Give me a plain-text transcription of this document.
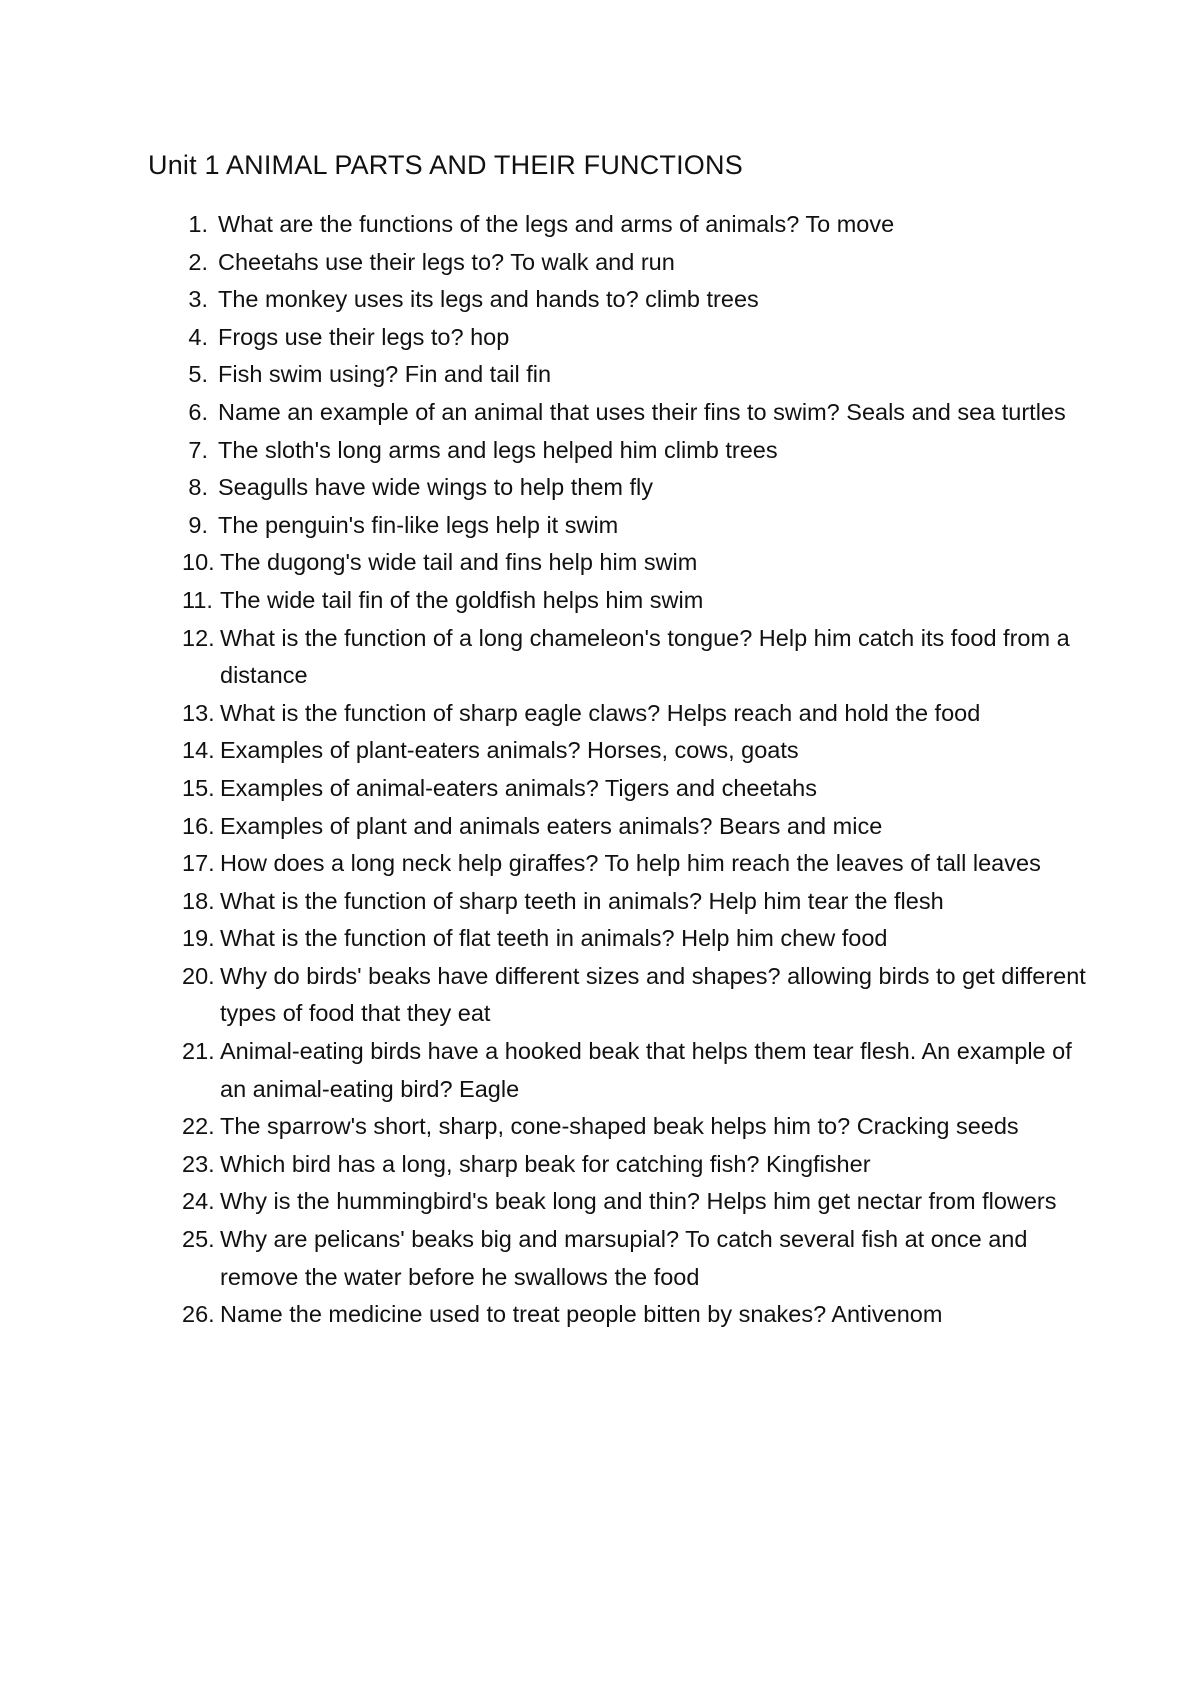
Unit 1 ANIMAL PARTS AND THEIR FUNCTIONS
1. What are the functions of the legs and arms of animals? To move
2. Cheetahs use their legs to? To walk and run
3. The monkey uses its legs and hands to? climb trees
4. Frogs use their legs to? hop
5. Fish swim using? Fin and tail fin
6. Name an example of an animal that uses their fins to swim? Seals and sea turtles
7. The sloth's long arms and legs helped him climb trees
8. Seagulls have wide wings to help them fly
9. The penguin's fin-like legs help it swim
10. The dugong's wide tail and fins help him swim
11. The wide tail fin of the goldfish helps him swim
12. What is the function of a long chameleon's tongue? Help him catch its food from a distance
13. What is the function of sharp eagle claws? Helps reach and hold the food
14. Examples of plant-eaters animals? Horses, cows, goats
15. Examples of animal-eaters animals? Tigers and cheetahs
16. Examples of plant and animals eaters animals? Bears and mice
17. How does a long neck help giraffes? To help him reach the leaves of tall leaves
18. What is the function of sharp teeth in animals? Help him tear the flesh
19. What is the function of flat teeth in animals? Help him chew food
20. Why do birds' beaks have different sizes and shapes? allowing birds to get different types of food that they eat
21. Animal-eating birds have a hooked beak that helps them tear flesh. An example of an animal-eating bird? Eagle
22. The sparrow's short, sharp, cone-shaped beak helps him to? Cracking seeds
23. Which bird has a long, sharp beak for catching fish? Kingfisher
24. Why is the hummingbird's beak long and thin? Helps him get nectar from flowers
25. Why are pelicans' beaks big and marsupial? To catch several fish at once and remove the water before he swallows the food
26. Name the medicine used to treat people bitten by snakes? Antivenom
